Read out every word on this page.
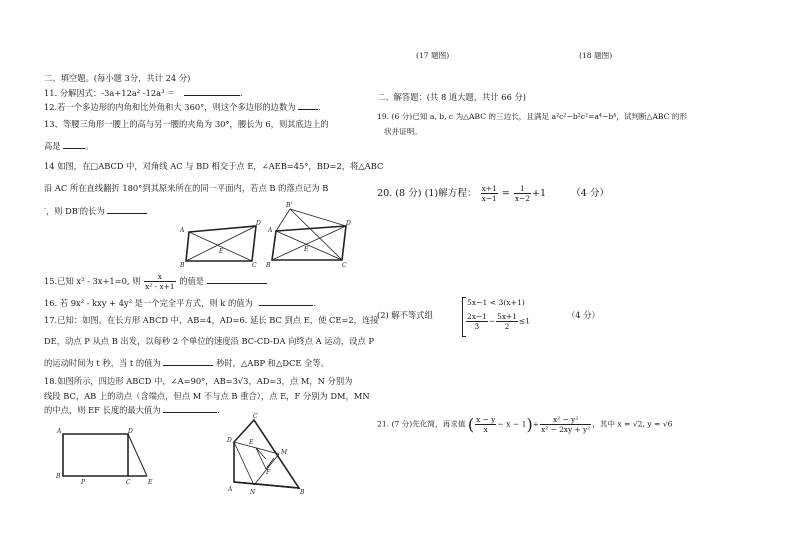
(17 题图)	(18 题图)
二、填空题。(每小题 3分，共计 24 分)
11. 分解因式：-3a+12a² -12a³ ＝	.
12.若一个多边形的内角和比外角和大 360°，则这个多边形的边数为	.
13、等腰三角形一腰上的高与另一腰的夹角为 30°，腰长为 6，则其底边上的
高是	。
14 如图，在□ABCD 中，对角线 AC 与 BD 相交于点 E，∠AEB=45°，BD=2，将△ABC
沿 AC 所在直线翻折 180°到其原来所在的同一平面内，若点 B 的落点记为 B
′，则 DB′的长为
A
D
B	C
E
B'
A
D
B	C
E
15.已知 x² - 3x+1=0, 则 $\frac{x}{\text{x² - x+1}}$ 的值是
16. 若 9x² - kxy + 4y² 是一个完全平方式，则 k 的值为	.
17.已知：如图，在长方形 ABCD 中，AB=4，AD=6. 延长 BC 到点 E，使 CE=2，连接
DE，动点 P 从点 B 出发，以每秒 2 个单位的速度沿 BC-CD-DA 向终点 A 运动，设点 P
的运动时间为 t 秒，当 t 的值为	秒时，△ABP 和△DCE 全等。
18.如图所示，四边形 ABCD 中，∠A=90°，AB=3√3，AD=3，点 M，N 分别为
线段 BC，AB 上的动点（含端点，但点 M 不与点 B 重合），点 E，F 分别为 DM，MN
的中点，则 EF 长度的最大值为	.
A	D
B
C	E
P
C
D	E
M
F
A	N	B
二、解答题：(共 8 道大题，共计 66 分)
19. (6 分)已知 a, b, c 为△ABC 的三边长，且满足 a²c²−b²c²=a⁴−b⁴，试判断△ABC 的形
状并证明。
20. (8 分) (1)解方程： $\frac{x+1}{x-1} = \frac{1}{x-2} +1$	（4 分）
(2) 解不等式组
5x−1 < 3(x+1)
$\frac{2x-1}{3} - \frac{5x+1}{2} \le 1$
（4 分）
21. (7 分)先化简，再求值 ( $\frac{x - y}{x} - x - 1)\div \frac{\text{x² − y²}}{\text{x² − 2xy + y²}}$ ，其中 x = √2, y = √6
